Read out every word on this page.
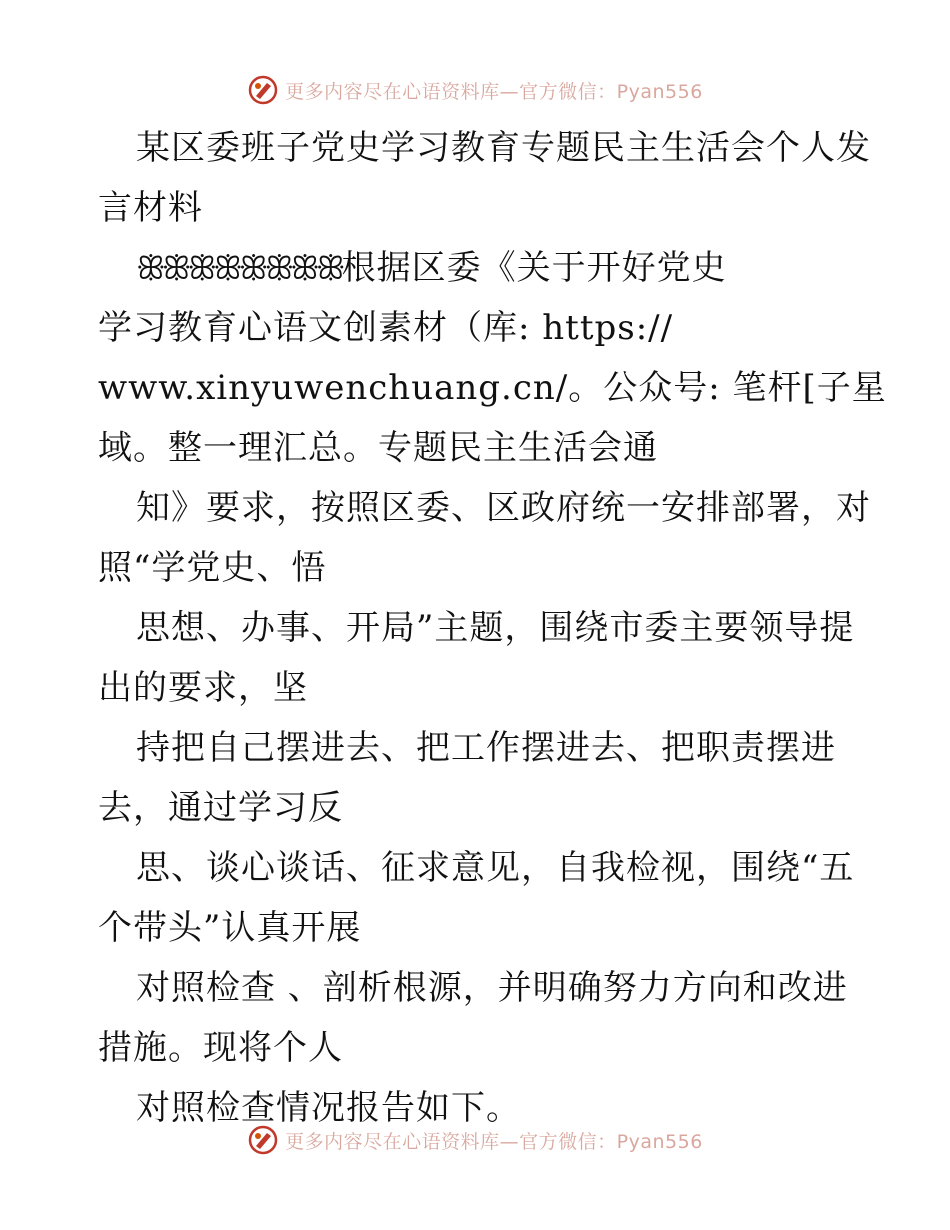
更多内容尽在心语资料库—官方微信：Pyan556
某区委班子党史学习教育专题民主生活会个人发
言材料
ꕥꕥꕥꕥꕥꕥꕥꕥ根据区委《关于开好党史
学习教育心语文创素材（库: https://
www.xinyuwenchuang.cn/。公众号: 笔杆[子星
域。整一理汇总。专题民主生活会通
知》要求，按照区委、区政府统一安排部署，对
照“学党史、悟
思想、办事、开局”主题，围绕市委主要领导提
出的要求，坚
持把自己摆进去、把工作摆进去、把职责摆进
去，通过学习反
思、谈心谈话、征求意见，自我检视，围绕“五
个带头”认真开展
对照检查 、剖析根源，并明确努力方向和改进
措施。现将个人
对照检查情况报告如下。
更多内容尽在心语资料库—官方微信：Pyan556
